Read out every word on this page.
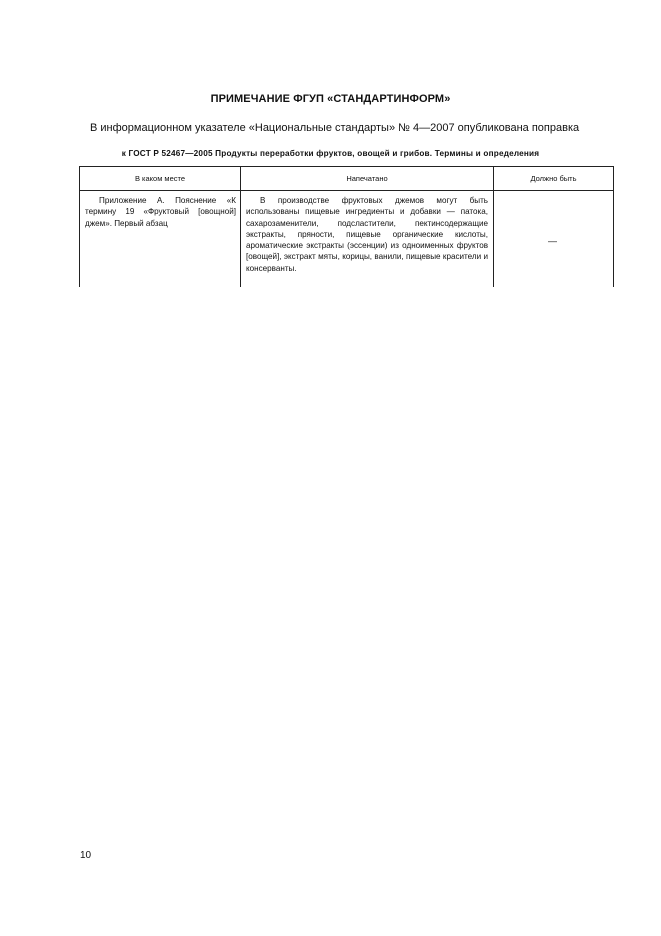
ПРИМЕЧАНИЕ ФГУП «СТАНДАРТИНФОРМ»
В информационном указателе «Национальные стандарты» № 4—2007 опубликована поправка
к ГОСТ Р 52467—2005 Продукты переработки фруктов, овощей и грибов. Термины и определения
В каком месте	Напечатано	Должно быть

Приложение А. Пояснение «К термину 19 «Фруктовый [овощной] джем». Первый абзац

В производстве фруктовых джемов могут быть использованы пищевые ингредиенты и добавки — патока, сахарозаменители, подсластители, пектинсодержащие экстракты, пряности, пищевые органические кислоты, ароматические экстракты (эссенции) из одноименных фруктов [овощей], экстракт мяты, корицы, ванили, пищевые красители и консерванты.

—
10
